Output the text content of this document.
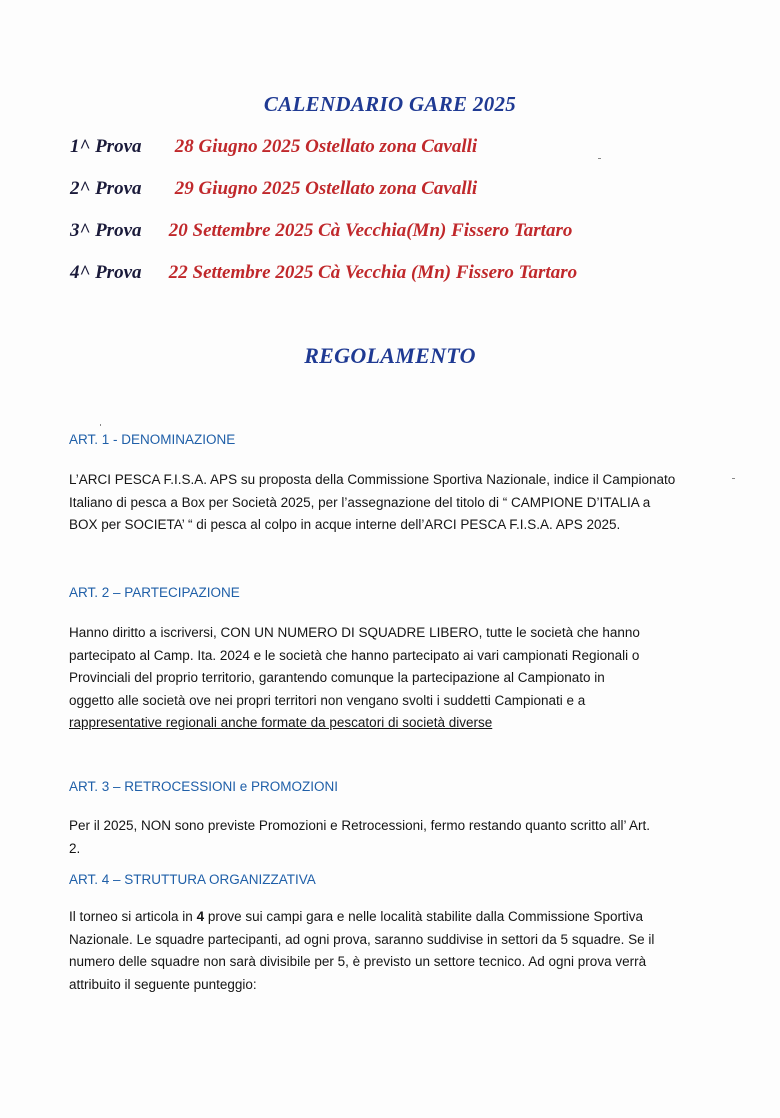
CALENDARIO GARE 2025
1^ Prova 28 Giugno 2025 Ostellato zona Cavalli
2^ Prova 29 Giugno 2025 Ostellato zona Cavalli
3^ Prova 20 Settembre 2025 Cà Vecchia(Mn) Fissero Tartaro
4^ Prova 22 Settembre 2025 Cà Vecchia (Mn) Fissero Tartaro
REGOLAMENTO
ART. 1 - DENOMINAZIONE

L’ARCI PESCA F.I.S.A. APS su proposta della Commissione Sportiva Nazionale, indice il Campionato

Italiano di pesca a Box per Società 2025, per l’assegnazione del titolo di “ CAMPIONE D’ITALIA a

BOX per SOCIETA’ “ di pesca al colpo in acque interne dell’ARCI PESCA F.I.S.A. APS 2025.

ART. 2 – PARTECIPAZIONE

Hanno diritto a iscriversi, CON UN NUMERO DI SQUADRE LIBERO, tutte le società che hanno

partecipato al Camp. Ita. 2024 e le società che hanno partecipato ai vari campionati Regionali o

Provinciali del proprio territorio, garantendo comunque la partecipazione al Campionato in

oggetto alle società ove nei propri territori non vengano svolti i suddetti Campionati e a

rappresentative regionali anche formate da pescatori di società diverse

ART. 3 – RETROCESSIONI e PROMOZIONI

Per il 2025, NON sono previste Promozioni e Retrocessioni, fermo restando quanto scritto all’ Art.

2.

ART. 4 – STRUTTURA ORGANIZZATIVA

Il torneo si articola in 4 prove sui campi gara e nelle località stabilite dalla Commissione Sportiva

Nazionale. Le squadre partecipanti, ad ogni prova, saranno suddivise in settori da 5 squadre. Se il

numero delle squadre non sarà divisibile per 5, è previsto un settore tecnico. Ad ogni prova verrà

attribuito il seguente punteggio:
